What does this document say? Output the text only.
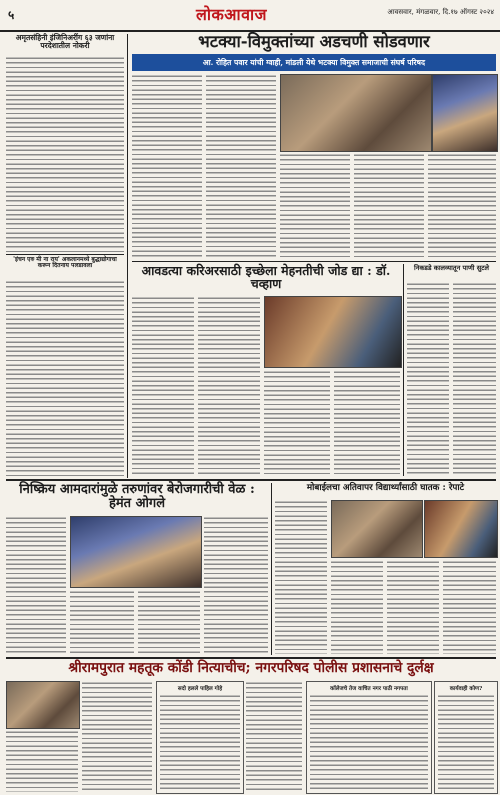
५	लोकआवाज	आवसवार, मंगळवार, दि.१७ ऑगस्ट २०२४
अमृतसंहिनी इंजिनिअरींग ६३ जणांना परदेशातील नोकरी
'इंचन एक्‍ मी ना राय' अकलानमध्ये बुद्धाद्योगाचा करून दितनाय पलडावला
भटक्या-विमुक्तांच्या अडचणी सोडवणार
आ. रोहित पवार यांची ग्वाही, मांडली येथे भटक्या विमुक्त समाजाची संघर्ष परिषद
आवडत्या करिअरसाठी इच्छेला मेहनतीची जोड द्या : डॉ. चव्हाण
निकडडे कालव्यातून पाणी सुटले
निष्क्रिय आमदारांमुळे तरुणांवर बेरोजगारीची वेळ : हेमंत ओगले
मोबाईलचा अतिवापर विद्यार्थ्यांसाठी घातक : रेपाटे
श्रीरामपुरात महतूक कोंडी नित्याचीच; नगरपरिषद पोलीस प्रशासनाचे दुर्लक्ष
सदो हलले पाहिल गोहे	कॉलेजचे तेज वाचित नगर पाठी नगपता	कार्यवाही कोण?
